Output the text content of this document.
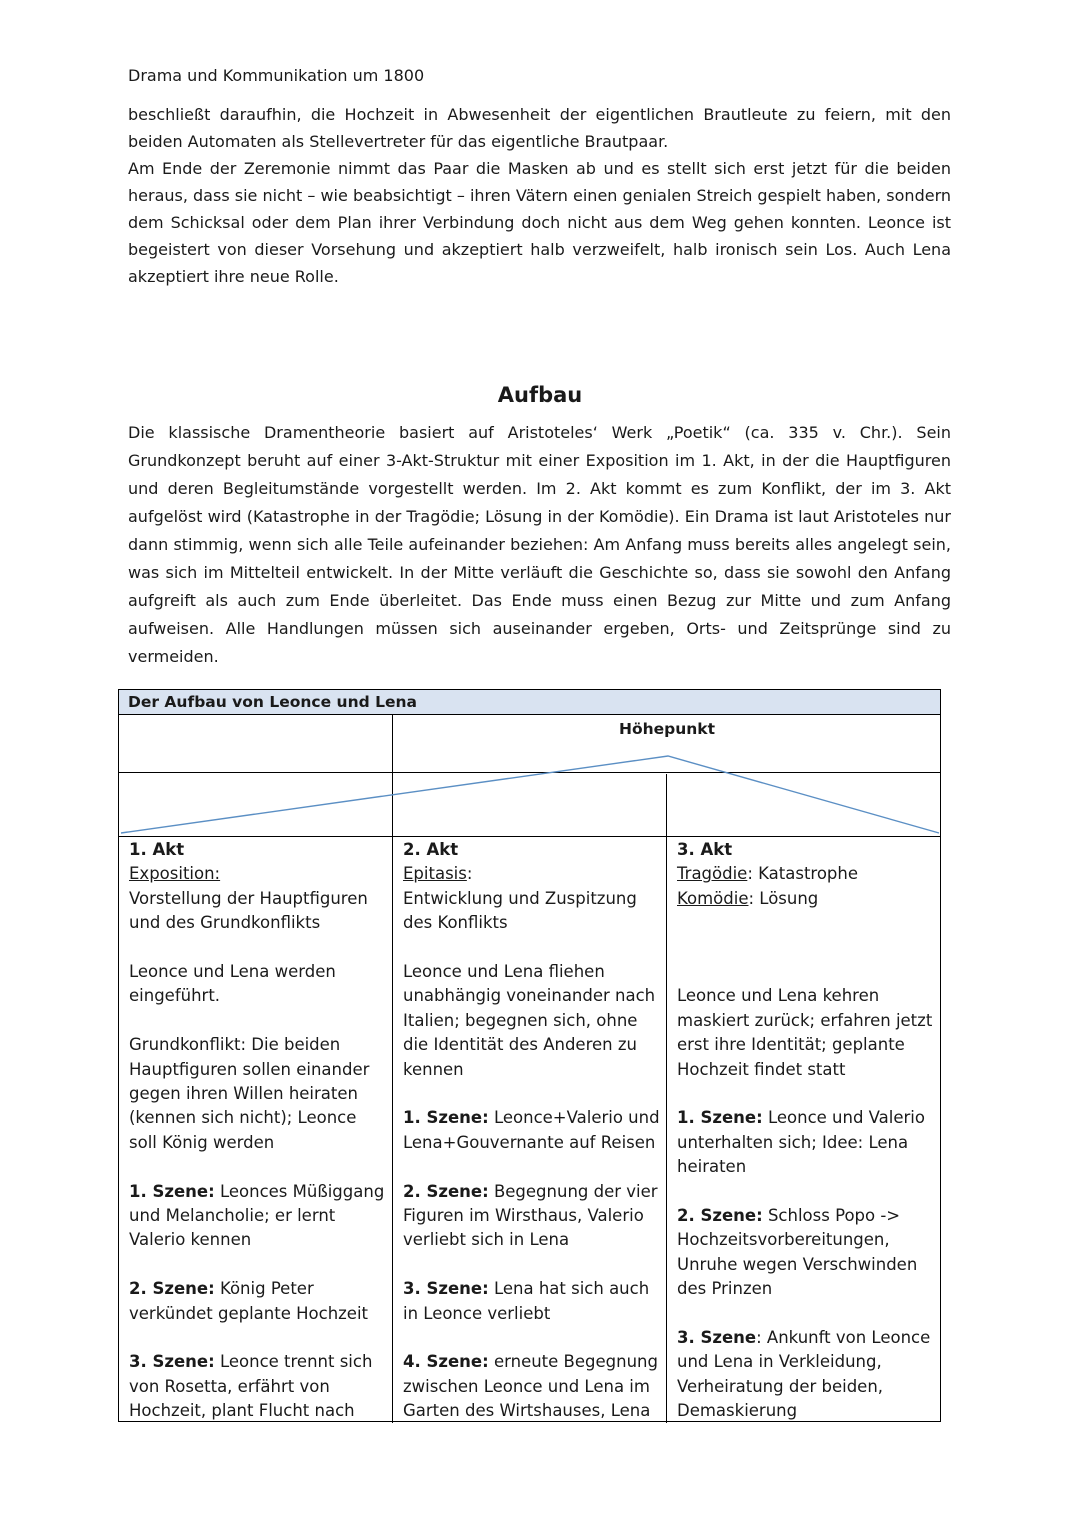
Drama und Kommunikation um 1800

beschließt daraufhin, die Hochzeit in Abwesenheit der eigentlichen Brautleute zu feiern, mit den beiden Automaten als Stellevertreter für das eigentliche Brautpaar.

Am Ende der Zeremonie nimmt das Paar die Masken ab und es stellt sich erst jetzt für die beiden heraus, dass sie nicht – wie beabsichtigt – ihren Vätern einen genialen Streich gespielt haben, sondern dem Schicksal oder dem Plan ihrer Verbindung doch nicht aus dem Weg gehen konnten. Leonce ist begeistert von dieser Vorsehung und akzeptiert halb verzweifelt, halb ironisch sein Los. Auch Lena akzeptiert ihre neue Rolle.

Aufbau

Die klassische Dramentheorie basiert auf Aristoteles‘ Werk „Poetik“ (ca. 335 v. Chr.). Sein Grundkonzept beruht auf einer 3-Akt-Struktur mit einer Exposition im 1. Akt, in der die Hauptfiguren und deren Begleitumstände vorgestellt werden. Im 2. Akt kommt es zum Konflikt, der im 3. Akt aufgelöst wird (Katastrophe in der Tragödie; Lösung in der Komödie). Ein Drama ist laut Aristoteles nur dann stimmig, wenn sich alle Teile aufeinander beziehen: Am Anfang muss bereits alles angelegt sein, was sich im Mittelteil entwickelt. In der Mitte verläuft die Geschichte so, dass sie sowohl den Anfang aufgreift als auch zum Ende überleitet. Das Ende muss einen Bezug zur Mitte und zum Anfang aufweisen. Alle Handlungen müssen sich auseinander ergeben, Orts- und Zeitsprünge sind zu vermeiden.

Der Aufbau von Leonce und Lena
Höhepunkt
1. Akt
Exposition:

Vorstellung der Hauptfiguren und des Grundkonflikts

Leonce und Lena werden eingeführt.

Grundkonflikt: Die beiden Hauptfiguren sollen einander gegen ihren Willen heiraten (kennen sich nicht); Leonce soll König werden

1. Szene: Leonces Müßiggang und Melancholie; er lernt Valerio kennen

2. Szene: König Peter verkündet geplante Hochzeit

3. Szene: Leonce trennt sich von Rosetta, erfährt von Hochzeit, plant Flucht nach

2. Akt
Epitasis:

Entwicklung und Zuspitzung des Konflikts

Leonce und Lena fliehen unabhängig voneinander nach Italien; begegnen sich, ohne die Identität des Anderen zu kennen

1. Szene: Leonce+Valerio und Lena+Gouvernante auf Reisen

2. Szene: Begegnung der vier Figuren im Wirsthaus, Valerio verliebt sich in Lena

3. Szene: Lena hat sich auch in Leonce verliebt

4. Szene: erneute Begegnung zwischen Leonce und Lena im Garten des Wirtshauses, Lena

3. Akt
Tragödie: Katastrophe

Komödie: Lösung

Leonce und Lena kehren maskiert zurück; erfahren jetzt erst ihre Identität; geplante Hochzeit findet statt

1. Szene: Leonce und Valerio unterhalten sich; Idee: Lena heiraten

2. Szene: Schloss Popo -> Hochzeitsvorbereitungen, Unruhe wegen Verschwinden des Prinzen

3. Szene: Ankunft von Leonce und Lena in Verkleidung, Verheiratung der beiden, Demaskierung
